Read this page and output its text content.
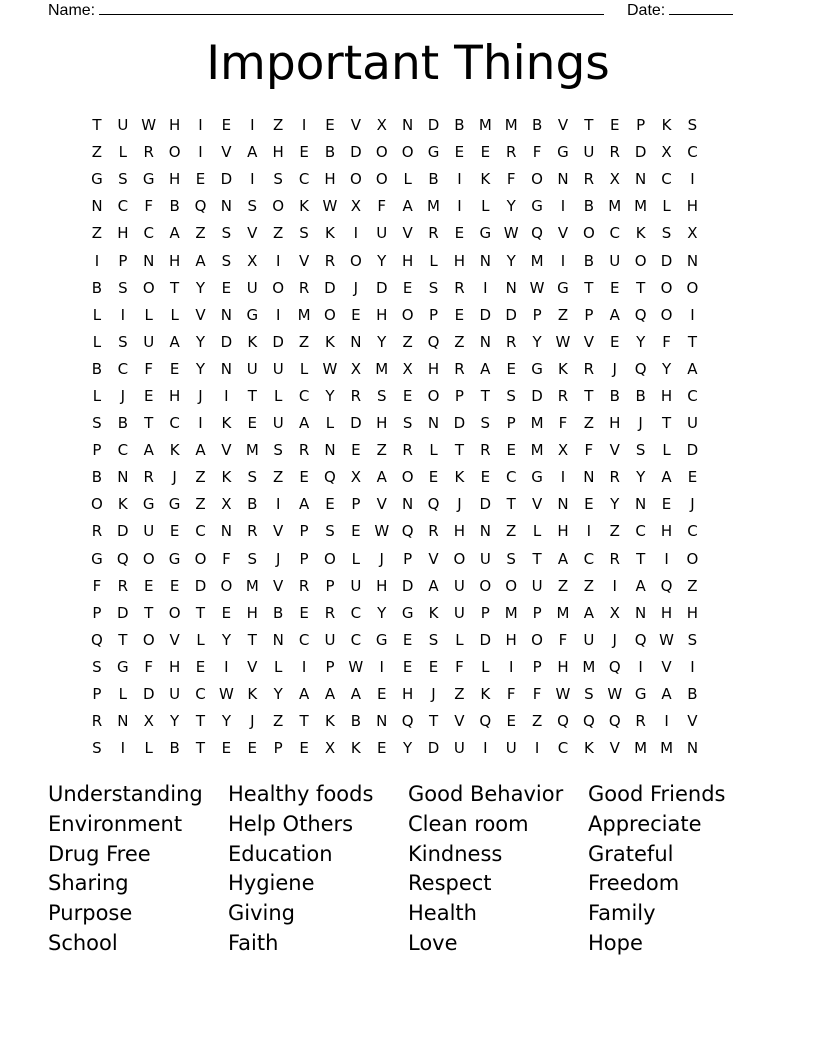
Name:	Date:
Important Things
T	U W H	I	E	I	Z	I	E	V	X	N D B M M B	V	T	E	P	K	S
Z	L	R O	I	V	A	H	E	B D O O G	E	E	R	F	G U	R D X	C
G	S	G H	E	D	I	S	C	H O O	L	B	I	K	F	O N	R	X	N	C	I
N	C	F	B Q N	S	O	K W X	F	A M	I	L	Y	G	I	B M M	L	H
Z	H	C	A	Z	S	V	Z	S	K	I	U	V	R	E	G W Q V O C	K	S	X
I	P	N H	A	S	X	I	V	R O	Y	H	L	H N	Y M	I	B	U O D N
B	S	O	T	Y	E	U O R D	J	D	E	S	R	I	N W G	T	E	T	O O
L	I	L	L	V	N G	I	M O	E	H O	P	E	D D	P	Z	P	A Q O	I
L	S	U	A	Y	D	K	D Z	K	N	Y	Z Q Z	N	R	Y W V	E	Y	F	T
B	C	F	E	Y	N U U	L W X M X	H	R	A	E	G	K	R	J	Q	Y	A
L	J	E	H	J	I	T	L	C	Y	R	S	E	O	P	T	S	D R	T	B	B	H	C
S	B	T	C	I	K	E	U	A	L	D H	S	N D	S	P M	F	Z	H	J	T	U
P	C	A	K	A	V M S	R	N	E	Z	R	L	T	R	E M X	F	V	S	L	D
B	N	R	J	Z	K	S	Z	E	Q X	A O	E	K	E	C G	I	N	R	Y	A	E
O	K	G G Z	X	B	I	A	E	P	V	N Q	J	D	T	V	N	E	Y	N	E	J
R D U	E	C	N	R	V	P	S	E W Q R	H N	Z	L	H	I	Z	C	H	C
G Q O G O	F	S	J	P	O	L	J	P	V O U	S	T	A	C	R	T	I	O
F	R	E	E	D O M V	R	P	U H D A	U O O U	Z	Z	I	A Q Z
P	D	T	O	T	E	H	B	E	R	C	Y	G	K	U	P M P M A	X	N H H
Q	T	O V	L	Y	T	N	C	U	C G	E	S	L	D H O	F	U	J	Q W S
S	G	F	H	E	I	V	L	I	P W	I	E	E	F	L	I	P	H M Q	I	V	I
P	L	D U	C W K	Y	A	A	A	E	H	J	Z	K	F	F W S W G A	B
R	N	X	Y	T	Y	J	Z	T	K	B	N Q	T	V Q	E	Z Q Q Q R	I	V
S	I	L	B	T	E	E	P	E	X	K	E	Y	D U	I	U	I	C	K	V M M N
Understanding
Environment
Drug Free
Sharing
Purpose
School
Healthy foods
Help Others
Education
Hygiene
Giving
Faith
Good Behavior
Clean room
Kindness
Respect
Health
Love
Good Friends
Appreciate
Grateful
Freedom
Family
Hope
